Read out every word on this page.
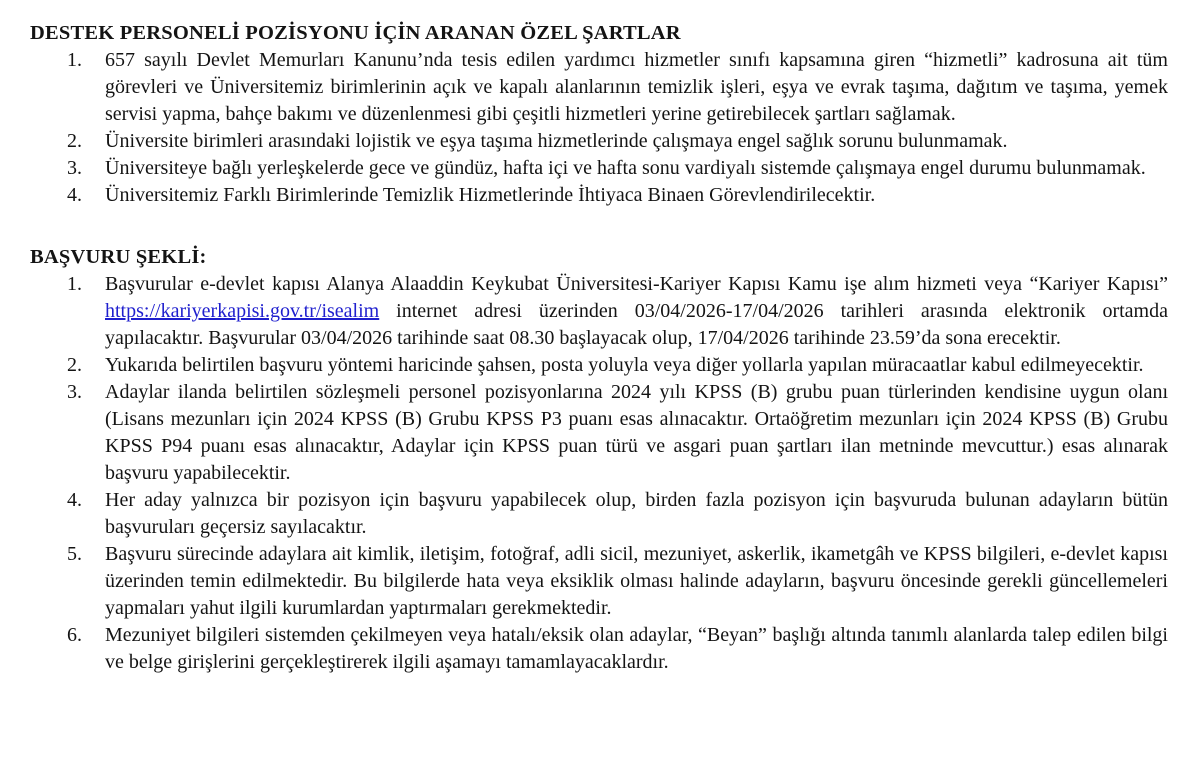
DESTEK PERSONELİ POZİSYONU İÇİN ARANAN ÖZEL ŞARTLAR
1.	657 sayılı Devlet Memurları Kanunu’nda tesis edilen yardımcı hizmetler sınıfı kapsamına giren “hizmetli” kadrosuna ait tüm görevleri ve Üniversitemiz birimlerinin açık ve kapalı alanlarının temizlik işleri, eşya ve evrak taşıma, dağıtım ve taşıma, yemek servisi yapma, bahçe bakımı ve düzenlenmesi gibi çeşitli hizmetleri yerine getirebilecek şartları sağlamak.
2.	Üniversite birimleri arasındaki lojistik ve eşya taşıma hizmetlerinde çalışmaya engel sağlık sorunu bulunmamak.
3.	Üniversiteye bağlı yerleşkelerde gece ve gündüz, hafta içi ve hafta sonu vardiyalı sistemde çalışmaya engel durumu bulunmamak.
4.	Üniversitemiz Farklı Birimlerinde Temizlik Hizmetlerinde İhtiyaca Binaen Görevlendirilecektir.
BAŞVURU ŞEKLİ:
1.	Başvurular e-devlet kapısı Alanya Alaaddin Keykubat Üniversitesi-Kariyer Kapısı Kamu işe alım hizmeti veya “Kariyer Kapısı” https://kariyerkapisi.gov.tr/isealim internet adresi üzerinden 03/04/2026-17/04/2026 tarihleri arasında elektronik ortamda yapılacaktır. Başvurular 03/04/2026 tarihinde saat 08.30 başlayacak olup, 17/04/2026 tarihinde 23.59’da sona erecektir.
2.	Yukarıda belirtilen başvuru yöntemi haricinde şahsen, posta yoluyla veya diğer yollarla yapılan müracaatlar kabul edilmeyecektir.
3.	Adaylar ilanda belirtilen sözleşmeli personel pozisyonlarına 2024 yılı KPSS (B) grubu puan türlerinden kendisine uygun olanı (Lisans mezunları için 2024 KPSS (B) Grubu KPSS P3 puanı esas alınacaktır. Ortaöğretim mezunları için 2024 KPSS (B) Grubu KPSS P94 puanı esas alınacaktır, Adaylar için KPSS puan türü ve asgari puan şartları ilan metninde mevcuttur.) esas alınarak başvuru yapabilecektir.
4.	Her aday yalnızca bir pozisyon için başvuru yapabilecek olup, birden fazla pozisyon için başvuruda bulunan adayların bütün başvuruları geçersiz sayılacaktır.
5.	Başvuru sürecinde adaylara ait kimlik, iletişim, fotoğraf, adli sicil, mezuniyet, askerlik, ikametgâh ve KPSS bilgileri, e-devlet kapısı üzerinden temin edilmektedir. Bu bilgilerde hata veya eksiklik olması halinde adayların, başvuru öncesinde gerekli güncellemeleri yapmaları yahut ilgili kurumlardan yaptırmaları gerekmektedir.
6.	Mezuniyet bilgileri sistemden çekilmeyen veya hatalı/eksik olan adaylar, “Beyan” başlığı altında tanımlı alanlarda talep edilen bilgi ve belge girişlerini gerçekleştirerek ilgili aşamayı tamamlayacaklardır.
